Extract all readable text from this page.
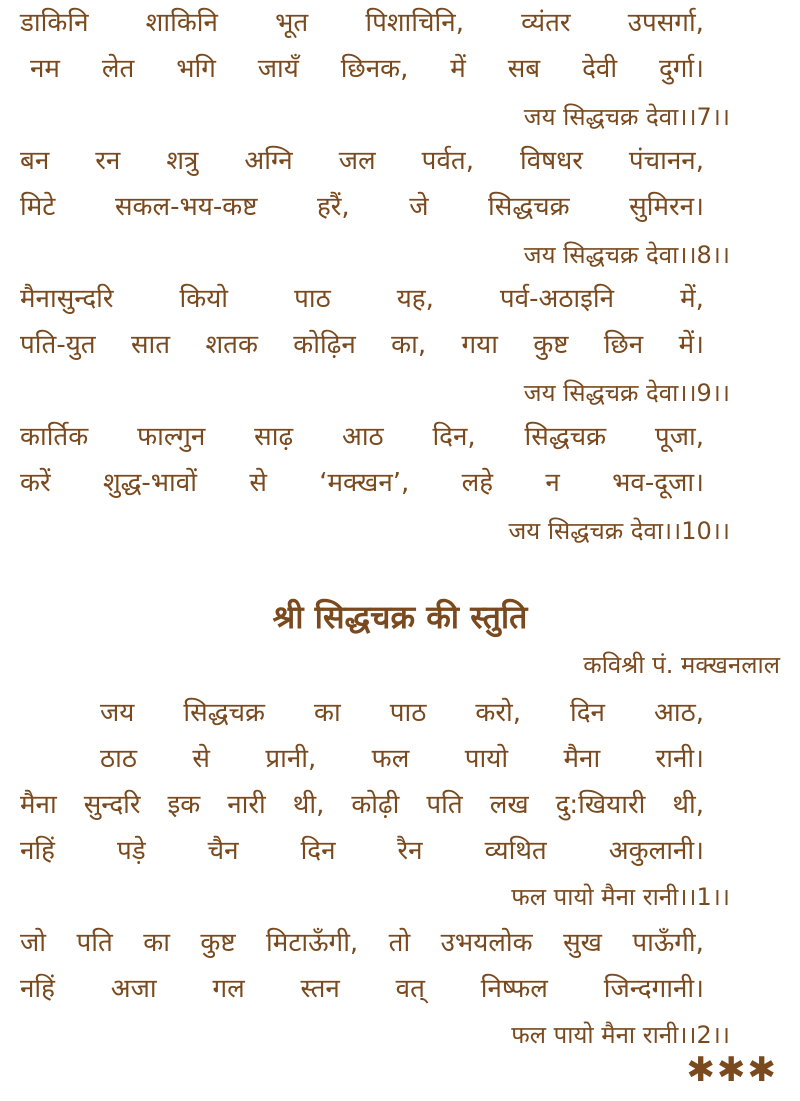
डाकिनि शाकिनि भूत पिशाचिनि, व्यंतर उपसर्गा,
नम लेत भगि जायँ छिनक, में सब देवी दुर्गा।
जय सिद्धचक्र देवा।।7।।
बन रन शत्रु अग्नि जल पर्वत, विषधर पंचानन,
मिटे सकल-भय-कष्ट हरैं, जे सिद्धचक्र सुमिरन।
जय सिद्धचक्र देवा।।8।।
मैनासुन्दरि	कियो	पाठ	यह,	पर्व-अठाइनि	में,
पति-युत सात शतक कोढ़िन का, गया कुष्ट छिन में।
जय सिद्धचक्र देवा।।9।।
कार्तिक फाल्गुन साढ़ आठ दिन, सिद्धचक्र पूजा,
करें शुद्ध-भावों से ‘मक्खन’, लहे न भव-दूजा।
जय सिद्धचक्र देवा।।10।।
श्री सिद्धचक्र की स्तुति
कविश्री पं. मक्खनलाल
जय सिद्धचक्र का पाठ करो, दिन आठ,
ठाठ से प्रानी, फल पायो मैना रानी।
मैना सुन्दरि इक नारी थी, कोढ़ी पति लख दु:खियारी थी,
नहिं पड़े चैन दिन रैन व्यथित अकुलानी।
फल पायो मैना रानी।।1।।
जो पति का कुष्ट मिटाऊँगी, तो उभयलोक सुख पाऊँगी,
नहिं अजा गल स्तन वत् निष्फल जिन्दगानी।
फल पायो मैना रानी।।2।।
✱✱✱
